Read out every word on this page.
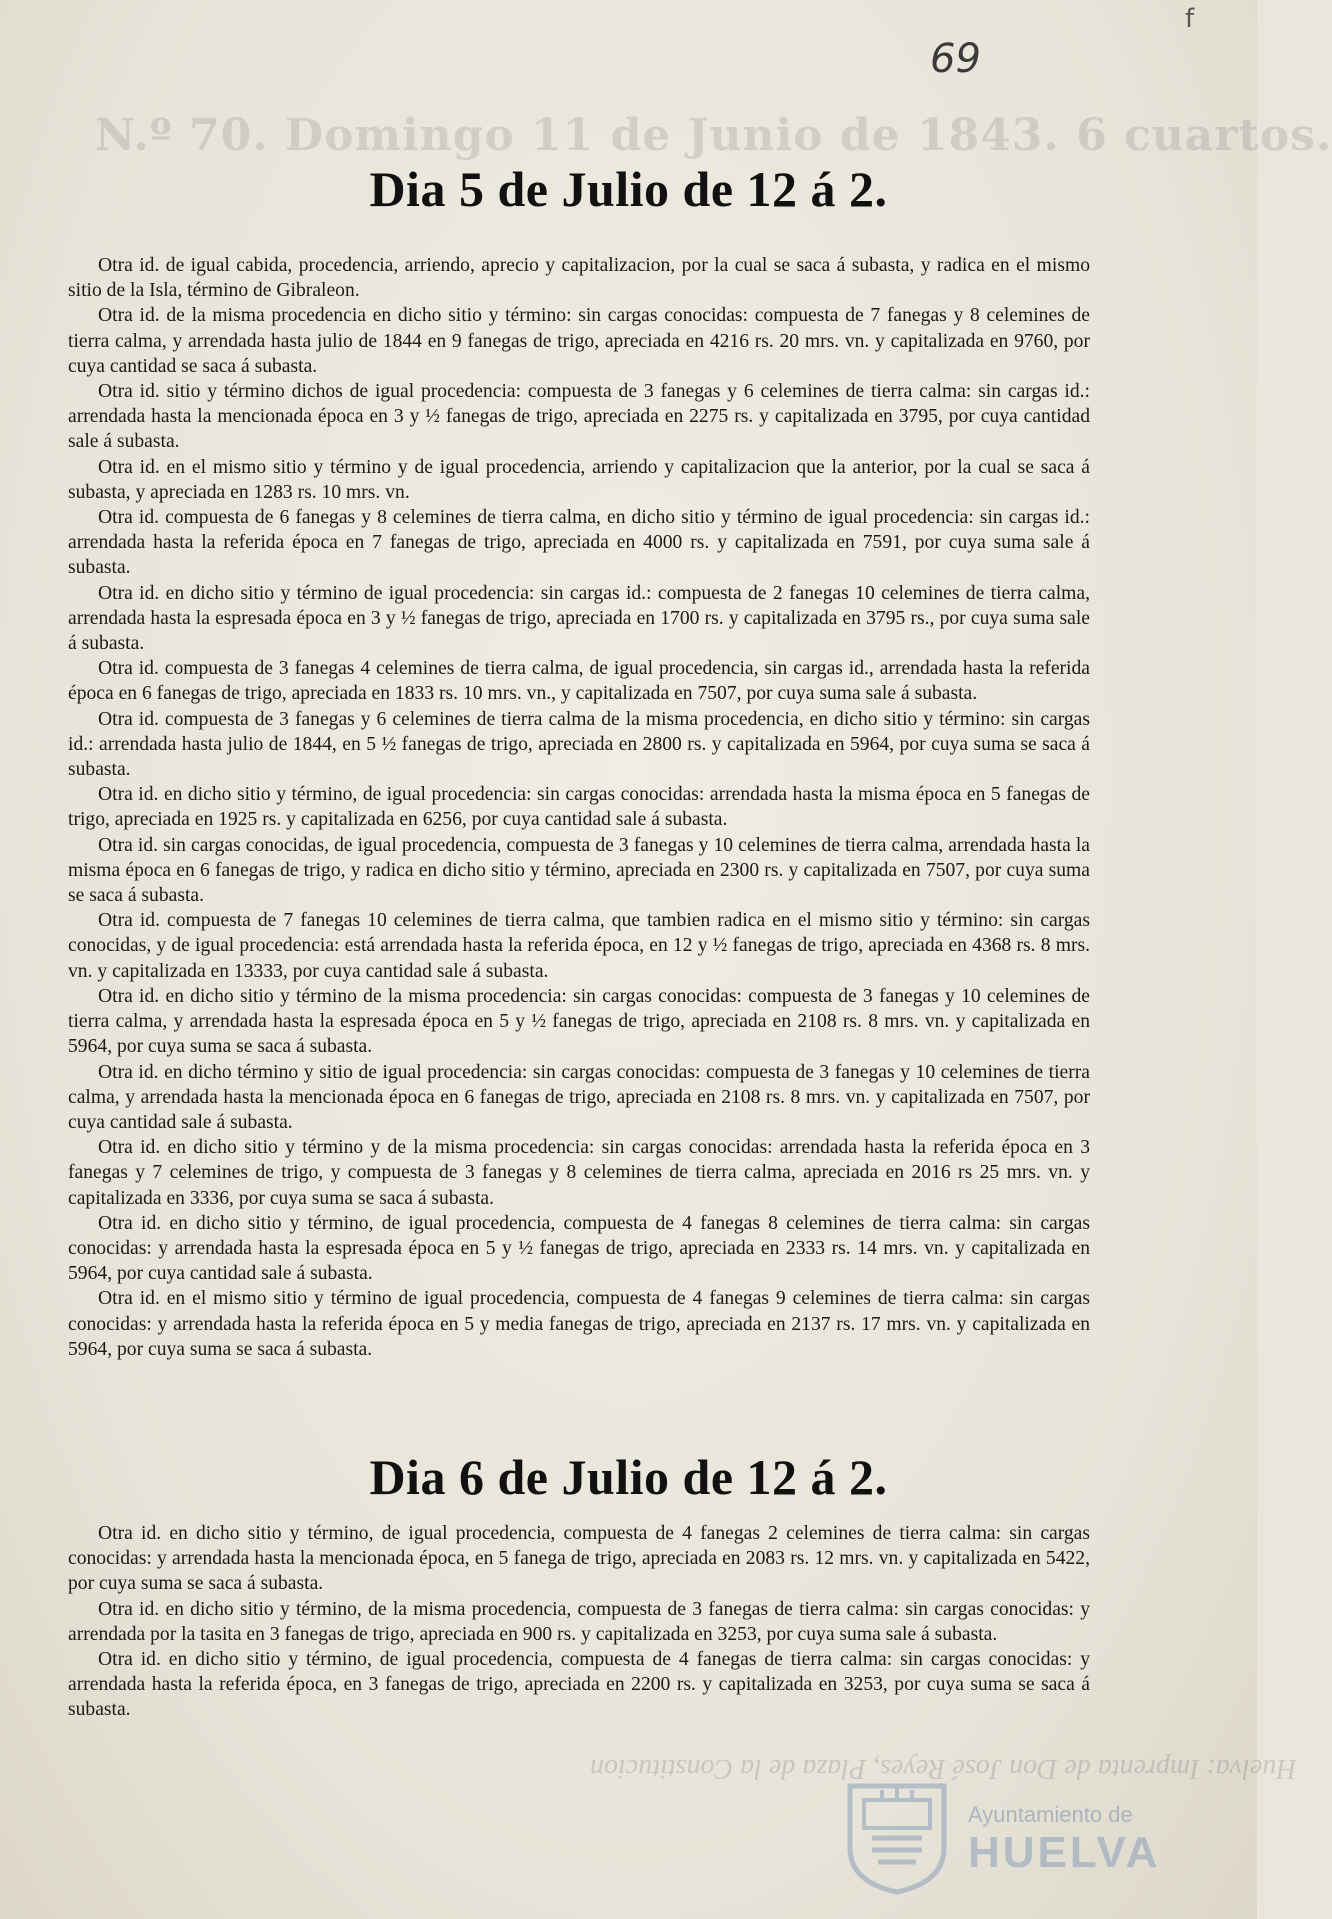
N.º 70. Domingo 11 de Junio de 1843. 6 cuartos.
f
69
Dia 5 de Julio de 12 á 2.

Otra id. de igual cabida, procedencia, arriendo, aprecio y capitalizacion, por la cual se saca á subasta, y radica en el mismo sitio de la Isla, término de Gibraleon.

Otra id. de la misma procedencia en dicho sitio y término: sin cargas conocidas: compuesta de 7 fanegas y 8 celemines de tierra calma, y arrendada hasta julio de 1844 en 9 fanegas de trigo, apreciada en 4216 rs. 20 mrs. vn. y capitalizada en 9760, por cuya cantidad se saca á subasta.

Otra id. sitio y término dichos de igual procedencia: compuesta de 3 fanegas y 6 celemines de tierra calma: sin cargas id.: arrendada hasta la mencionada época en 3 y ½ fanegas de trigo, apreciada en 2275 rs. y capitalizada en 3795, por cuya cantidad sale á subasta.

Otra id. en el mismo sitio y término y de igual procedencia, arriendo y capitalizacion que la anterior, por la cual se saca á subasta, y apreciada en 1283 rs. 10 mrs. vn.

Otra id. compuesta de 6 fanegas y 8 celemines de tierra calma, en dicho sitio y término de igual procedencia: sin cargas id.: arrendada hasta la referida época en 7 fanegas de trigo, apreciada en 4000 rs. y capitalizada en 7591, por cuya suma sale á subasta.

Otra id. en dicho sitio y término de igual procedencia: sin cargas id.: compuesta de 2 fanegas 10 celemines de tierra calma, arrendada hasta la espresada época en 3 y ½ fanegas de trigo, apreciada en 1700 rs. y capitalizada en 3795 rs., por cuya suma sale á subasta.

Otra id. compuesta de 3 fanegas 4 celemines de tierra calma, de igual procedencia, sin cargas id., arrendada hasta la referida época en 6 fanegas de trigo, apreciada en 1833 rs. 10 mrs. vn., y capitalizada en 7507, por cuya suma sale á subasta.

Otra id. compuesta de 3 fanegas y 6 celemines de tierra calma de la misma procedencia, en dicho sitio y término: sin cargas id.: arrendada hasta julio de 1844, en 5 ½ fanegas de trigo, apreciada en 2800 rs. y capitalizada en 5964, por cuya suma se saca á subasta.

Otra id. en dicho sitio y término, de igual procedencia: sin cargas conocidas: arrendada hasta la misma época en 5 fanegas de trigo, apreciada en 1925 rs. y capitalizada en 6256, por cuya cantidad sale á subasta.

Otra id. sin cargas conocidas, de igual procedencia, compuesta de 3 fanegas y 10 celemines de tierra calma, arrendada hasta la misma época en 6 fanegas de trigo, y radica en dicho sitio y término, apreciada en 2300 rs. y capitalizada en 7507, por cuya suma se saca á subasta.

Otra id. compuesta de 7 fanegas 10 celemines de tierra calma, que tambien radica en el mismo sitio y término: sin cargas conocidas, y de igual procedencia: está arrendada hasta la referida época, en 12 y ½ fanegas de trigo, apreciada en 4368 rs. 8 mrs. vn. y capitalizada en 13333, por cuya cantidad sale á subasta.

Otra id. en dicho sitio y término de la misma procedencia: sin cargas conocidas: compuesta de 3 fanegas y 10 celemines de tierra calma, y arrendada hasta la espresada época en 5 y ½ fanegas de trigo, apreciada en 2108 rs. 8 mrs. vn. y capitalizada en 5964, por cuya suma se saca á subasta.

Otra id. en dicho término y sitio de igual procedencia: sin cargas conocidas: compuesta de 3 fanegas y 10 celemines de tierra calma, y arrendada hasta la mencionada época en 6 fanegas de trigo, apreciada en 2108 rs. 8 mrs. vn. y capitalizada en 7507, por cuya cantidad sale á subasta.

Otra id. en dicho sitio y término y de la misma procedencia: sin cargas conocidas: arrendada hasta la referida época en 3 fanegas y 7 celemines de trigo, y compuesta de 3 fanegas y 8 celemines de tierra calma, apreciada en 2016 rs 25 mrs. vn. y capitalizada en 3336, por cuya suma se saca á subasta.

Otra id. en dicho sitio y término, de igual procedencia, compuesta de 4 fanegas 8 celemines de tierra calma: sin cargas conocidas: y arrendada hasta la espresada época en 5 y ½ fanegas de trigo, apreciada en 2333 rs. 14 mrs. vn. y capitalizada en 5964, por cuya cantidad sale á subasta.

Otra id. en el mismo sitio y término de igual procedencia, compuesta de 4 fanegas 9 celemines de tierra calma: sin cargas conocidas: y arrendada hasta la referida época en 5 y media fanegas de trigo, apreciada en 2137 rs. 17 mrs. vn. y capitalizada en 5964, por cuya suma se saca á subasta.

Dia 6 de Julio de 12 á 2.

Otra id. en dicho sitio y término, de igual procedencia, compuesta de 4 fanegas 2 celemines de tierra calma: sin cargas conocidas: y arrendada hasta la mencionada época, en 5 fanega de trigo, apreciada en 2083 rs. 12 mrs. vn. y capitalizada en 5422, por cuya suma se saca á subasta.

Otra id. en dicho sitio y término, de la misma procedencia, compuesta de 3 fanegas de tierra calma: sin cargas conocidas: y arrendada por la tasita en 3 fanegas de trigo, apreciada en 900 rs. y capitalizada en 3253, por cuya suma sale á subasta.

Otra id. en dicho sitio y término, de igual procedencia, compuesta de 4 fanegas de tierra calma: sin cargas conocidas: y arrendada hasta la referida época, en 3 fanegas de trigo, apreciada en 2200 rs. y capitalizada en 3253, por cuya suma se saca á subasta.

Huelva: Imprenta de Don José Reyes, Plaza de la Constitucion
Ayuntamiento de
HUELVA
